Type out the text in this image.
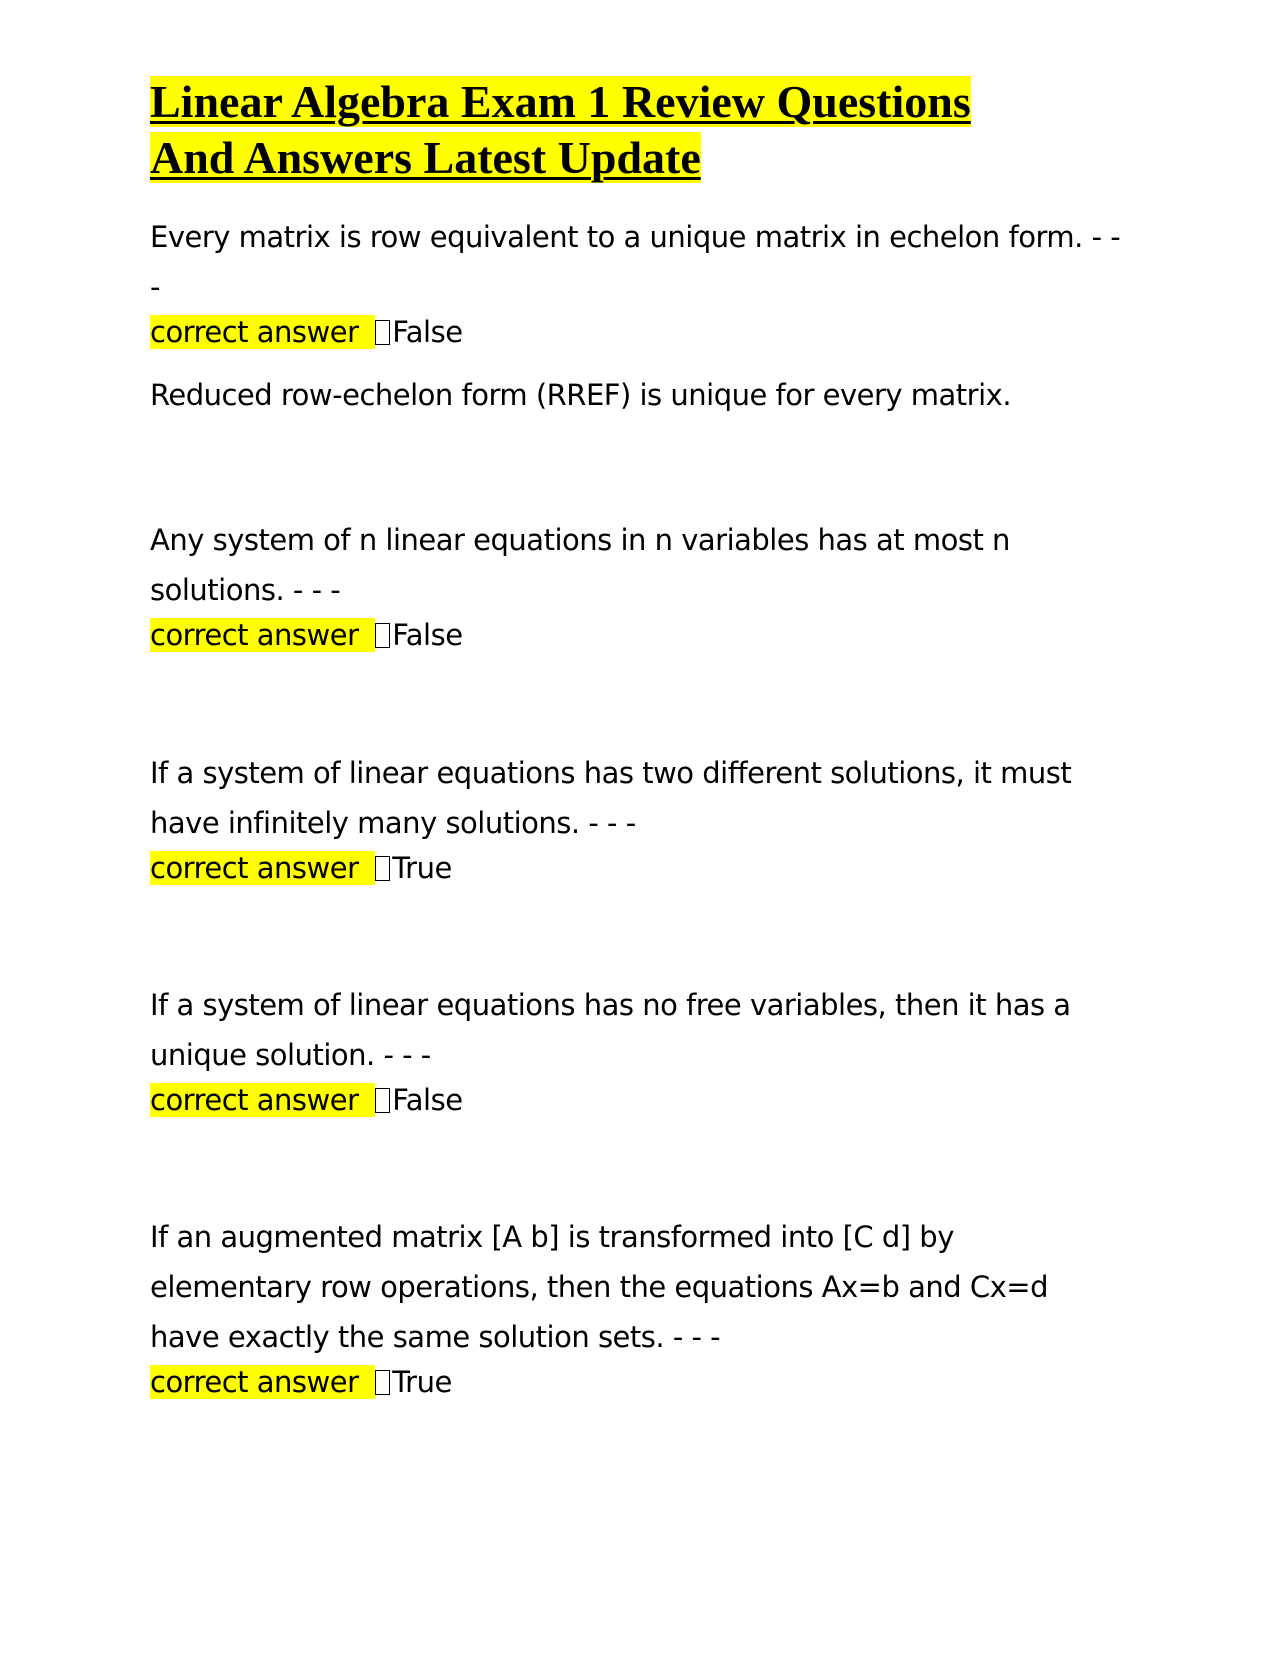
Linear Algebra Exam 1 Review Questions
And Answers Latest Update
Every matrix is row equivalent to a unique matrix in echelon form. - - -
correct answer False
Reduced row-echelon form (RREF) is unique for every matrix.
Any system of n linear equations in n variables has at most n solutions. - - -
correct answer False
If a system of linear equations has two different solutions, it must have infinitely many solutions. - - -
correct answer True
If a system of linear equations has no free variables, then it has a unique solution. - - -
correct answer False
If an augmented matrix [A b] is transformed into [C d] by elementary row operations, then the equations Ax=b and Cx=d have exactly the same solution sets. - - -
correct answer True
